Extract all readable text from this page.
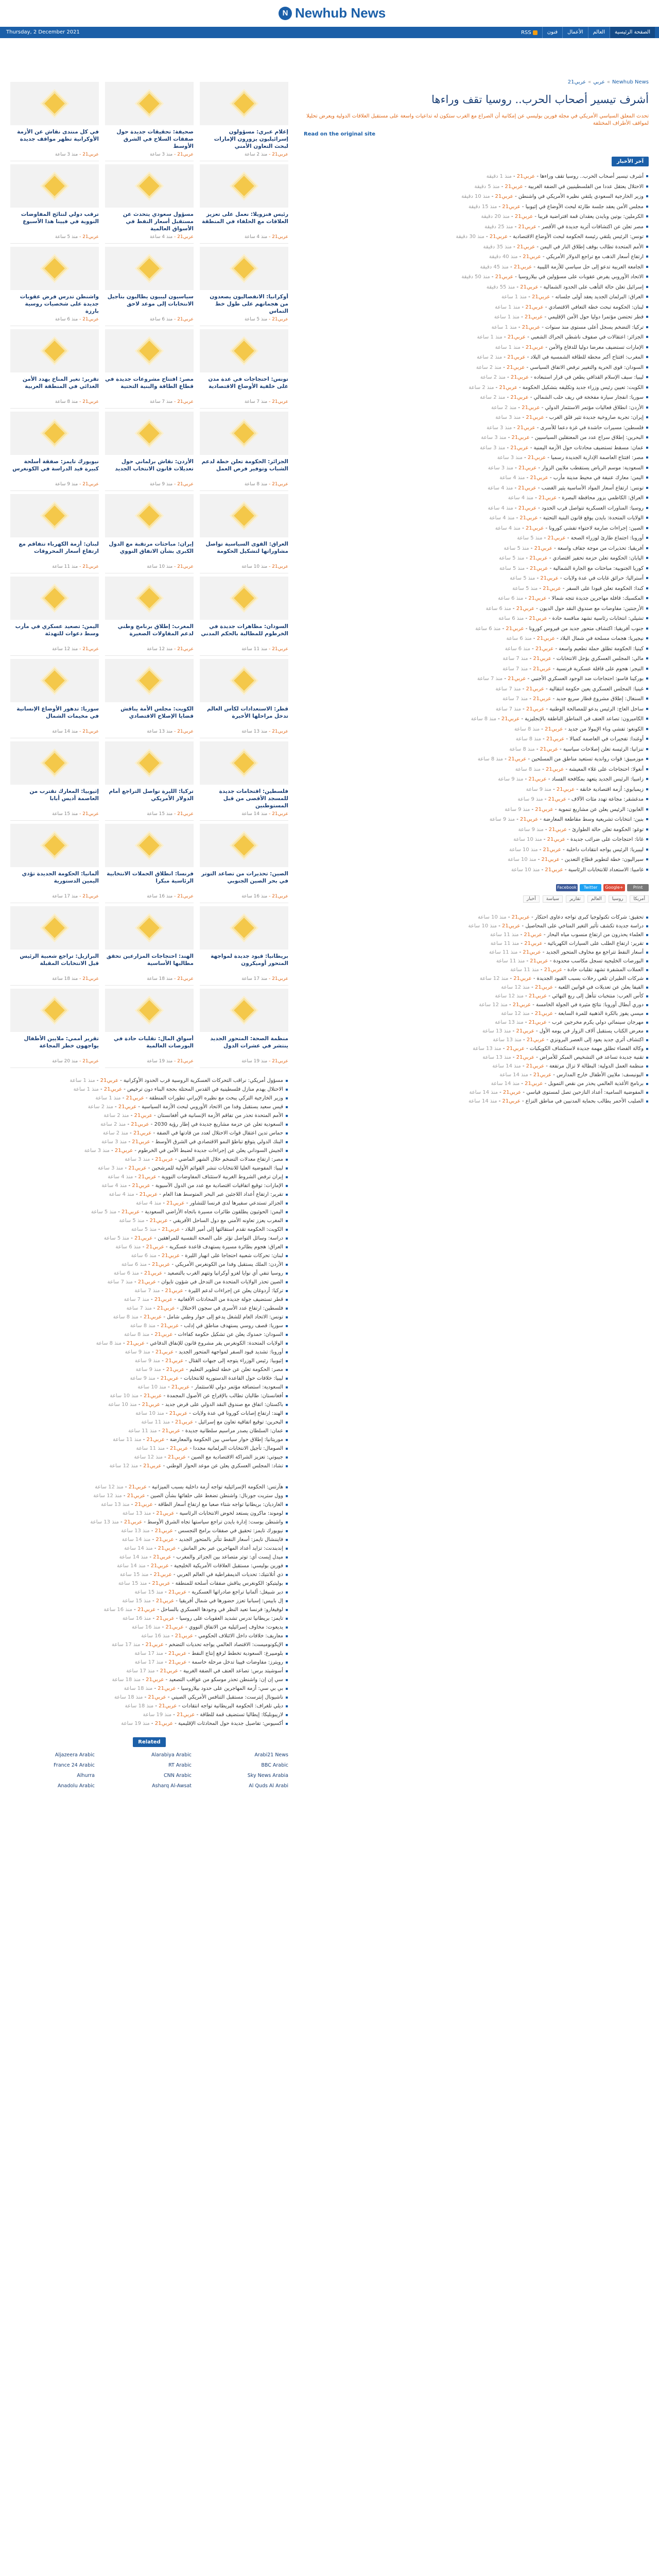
N Newhub News
Thursday, 2 December 2021	الصفحة الرئيسية
العالم
الأعمال
فنون
RSS
إعلام عبري: مسؤولون إسرائيليون يزورون الإمارات لبحث التعاون الأمني
عربي21 - منذ 2 ساعة
صحيفة: تحقيقات جديدة حول صفقات السلاح في الشرق الأوسط
عربي21 - منذ 3 ساعة
في كل منتدى نقاش عن الأزمة الأوكرانية تظهر مواقف جديدة
عربي21 - منذ 3 ساعة
رئيس فنزويلا: نعمل على تعزيز العلاقات مع الحلفاء في المنطقة
عربي21 - منذ 4 ساعة
مسؤول سعودي يتحدث عن مستقبل أسعار النفط في الأسواق العالمية
عربي21 - منذ 4 ساعة
ترقب دولي لنتائج المفاوضات النووية في فيينا هذا الأسبوع
عربي21 - منذ 5 ساعة
أوكرانيا: الانفصاليون يصعدون من هجماتهم على طول خط التماس
عربي21 - منذ 5 ساعة
سياسيون ليبيون يطالبون بتأجيل الانتخابات إلى موعد لاحق
عربي21 - منذ 6 ساعة
واشنطن تدرس فرض عقوبات جديدة على شخصيات روسية بارزة
عربي21 - منذ 6 ساعة
تونس: احتجاجات في عدة مدن على خلفية الأوضاع الاقتصادية
عربي21 - منذ 7 ساعة
مصر: افتتاح مشروعات جديدة في قطاع الطاقة والبنية التحتية
عربي21 - منذ 7 ساعة
تقرير: تغير المناخ يهدد الأمن الغذائي في المنطقة العربية
عربي21 - منذ 8 ساعة
الجزائر: الحكومة تعلن خطة لدعم الشباب وتوفير فرص العمل
عربي21 - منذ 8 ساعة
الأردن: نقاش برلماني حول تعديلات قانون الانتخاب الجديد
عربي21 - منذ 9 ساعة
نيويورك تايمز: صفقة أسلحة كبيرة قيد الدراسة في الكونغرس
عربي21 - منذ 9 ساعة
العراق: القوى السياسية تواصل مشاوراتها لتشكيل الحكومة
عربي21 - منذ 10 ساعة
إيران: مباحثات مرتقبة مع الدول الكبرى بشأن الاتفاق النووي
عربي21 - منذ 10 ساعة
لبنان: أزمة الكهرباء تتفاقم مع ارتفاع أسعار المحروقات
عربي21 - منذ 11 ساعة
السودان: مظاهرات جديدة في الخرطوم للمطالبة بالحكم المدني
عربي21 - منذ 11 ساعة
المغرب: إطلاق برنامج وطني لدعم المقاولات الصغيرة
عربي21 - منذ 12 ساعة
اليمن: تصعيد عسكري في مأرب وسط دعوات للتهدئة
عربي21 - منذ 12 ساعة
قطر: الاستعدادات لكأس العالم تدخل مراحلها الأخيرة
عربي21 - منذ 13 ساعة
الكويت: مجلس الأمة يناقش قضايا الإصلاح الاقتصادي
عربي21 - منذ 13 ساعة
سوريا: تدهور الأوضاع الإنسانية في مخيمات الشمال
عربي21 - منذ 14 ساعة
فلسطين: اقتحامات جديدة للمسجد الأقصى من قبل المستوطنين
عربي21 - منذ 14 ساعة
تركيا: الليرة تواصل التراجع أمام الدولار الأمريكي
عربي21 - منذ 15 ساعة
إثيوبيا: المعارك تقترب من العاصمة أديس أبابا
عربي21 - منذ 15 ساعة
الصين: تحذيرات من تصاعد التوتر في بحر الصين الجنوبي
عربي21 - منذ 16 ساعة
فرنسا: انطلاق الحملات الانتخابية الرئاسية مبكرا
عربي21 - منذ 16 ساعة
ألمانيا: الحكومة الجديدة تؤدي اليمين الدستورية
عربي21 - منذ 17 ساعة
بريطانيا: قيود جديدة لمواجهة المتحور أوميكرون
عربي21 - منذ 17 ساعة
الهند: احتجاجات المزارعين تحقق مطالبها الأساسية
عربي21 - منذ 18 ساعة
البرازيل: تراجع شعبية الرئيس قبل الانتخابات المقبلة
عربي21 - منذ 18 ساعة
منظمة الصحة: المتحور الجديد ينتشر في عشرات الدول
عربي21 - منذ 19 ساعة
أسواق المال: تقلبات حادة في البورصات العالمية
عربي21 - منذ 19 ساعة
تقرير أممي: ملايين الأطفال يواجهون خطر المجاعة
عربي21 - منذ 20 ساعة
مسؤول أمريكي: نراقب التحركات العسكرية الروسية قرب الحدود الأوكرانية - عربي21 - منذ 1 ساعة
الاحتلال يهدم منازل فلسطينية في القدس المحتلة بحجة البناء دون ترخيص - عربي21 - منذ 1 ساعة
وزير الخارجية التركي يبحث مع نظيره الإيراني تطورات المنطقة - عربي21 - منذ 1 ساعة
قيس سعيد يستقبل وفدا من الاتحاد الأوروبي لبحث الأزمة السياسية - عربي21 - منذ 2 ساعة
الأمم المتحدة تحذر من تفاقم الأزمة الإنسانية في أفغانستان - عربي21 - منذ 2 ساعة
السعودية تعلن عن حزمة مشاريع جديدة في إطار رؤية 2030 - عربي21 - منذ 2 ساعة
حماس تدين اعتقال قوات الاحتلال لعدد من قادتها في الضفة - عربي21 - منذ 2 ساعة
البنك الدولي يتوقع تباطؤ النمو الاقتصادي في الشرق الأوسط - عربي21 - منذ 3 ساعة
الجيش السوداني يعلن عن إجراءات جديدة لضبط الأمن في الخرطوم - عربي21 - منذ 3 ساعة
مصر: ارتفاع معدلات التضخم خلال الشهر الماضي - عربي21 - منذ 3 ساعة
ليبيا: المفوضية العليا للانتخابات تنشر القوائم الأولية للمرشحين - عربي21 - منذ 3 ساعة
إيران ترفض الشروط الغربية لاستئناف المفاوضات النووية - عربي21 - منذ 4 ساعة
الإمارات: توقيع اتفاقيات اقتصادية مع عدد من الدول الآسيوية - عربي21 - منذ 4 ساعة
تقرير: ارتفاع أعداد اللاجئين عبر البحر المتوسط هذا العام - عربي21 - منذ 4 ساعة
الجزائر تستدعي سفيرها لدى فرنسا للتشاور - عربي21 - منذ 4 ساعة
اليمن: الحوثيون يطلقون طائرات مسيرة باتجاه الأراضي السعودية - عربي21 - منذ 5 ساعة
المغرب يعزز تعاونه الأمني مع دول الساحل الأفريقي - عربي21 - منذ 5 ساعة
الكويت: الحكومة تقدم استقالتها إلى أمير البلاد - عربي21 - منذ 5 ساعة
دراسة: وسائل التواصل تؤثر على الصحة النفسية للمراهقين - عربي21 - منذ 5 ساعة
العراق: هجوم بطائرة مسيرة يستهدف قاعدة عسكرية - عربي21 - منذ 6 ساعة
لبنان: تحركات شعبية احتجاجا على انهيار الليرة - عربي21 - منذ 6 ساعة
الأردن: الملك يستقبل وفدا من الكونغرس الأمريكي - عربي21 - منذ 6 ساعة
روسيا تنفي أي نوايا لغزو أوكرانيا وتتهم الغرب بالتصعيد - عربي21 - منذ 6 ساعة
الصين تحذر الولايات المتحدة من التدخل في شؤون تايوان - عربي21 - منذ 7 ساعة
تركيا: أردوغان يعلن عن إجراءات لدعم الليرة - عربي21 - منذ 7 ساعة
قطر تستضيف جولة جديدة من المحادثات الأفغانية - عربي21 - منذ 7 ساعة
فلسطين: ارتفاع عدد الأسرى في سجون الاحتلال - عربي21 - منذ 7 ساعة
تونس: الاتحاد العام للشغل يدعو إلى حوار وطني شامل - عربي21 - منذ 8 ساعة
سوريا: قصف روسي يستهدف مناطق في إدلب - عربي21 - منذ 8 ساعة
السودان: حمدوك يعلن عن تشكيل حكومة كفاءات - عربي21 - منذ 8 ساعة
الولايات المتحدة: الكونغرس يقر مشروع قانون للإنفاق الدفاعي - عربي21 - منذ 8 ساعة
أوروبا: تشديد قيود السفر لمواجهة المتحور الجديد - عربي21 - منذ 9 ساعة
إثيوبيا: رئيس الوزراء يتوجه إلى جبهات القتال - عربي21 - منذ 9 ساعة
مصر: الحكومة تعلن عن خطة لتطوير التعليم - عربي21 - منذ 9 ساعة
ليبيا: خلافات حول القاعدة الدستورية للانتخابات - عربي21 - منذ 9 ساعة
السعودية: استضافة مؤتمر دولي للاستثمار - عربي21 - منذ 10 ساعة
أفغانستان: طالبان تطالب بالإفراج عن الأصول المجمدة - عربي21 - منذ 10 ساعة
باكستان: اتفاق مع صندوق النقد الدولي على قرض جديد - عربي21 - منذ 10 ساعة
الهند: ارتفاع إصابات كورونا في عدة ولايات - عربي21 - منذ 10 ساعة
البحرين: توقيع اتفاقية تعاون مع إسرائيل - عربي21 - منذ 11 ساعة
عمان: السلطان يصدر مراسيم سلطانية جديدة - عربي21 - منذ 11 ساعة
موريتانيا: إطلاق حوار سياسي بين الحكومة والمعارضة - عربي21 - منذ 11 ساعة
الصومال: تأجيل الانتخابات البرلمانية مجددا - عربي21 - منذ 11 ساعة
جيبوتي: تعزيز الشراكة الاقتصادية مع الصين - عربي21 - منذ 12 ساعة
تشاد: المجلس العسكري يعلن عن موعد الحوار الوطني - عربي21 - منذ 12 ساعة
هآرتس: الحكومة الإسرائيلية تواجه أزمة داخلية بسبب الميزانية - عربي21 - منذ 12 ساعة
وول ستريت جورنال: واشنطن تضغط على حلفائها بشأن الصين - عربي21 - منذ 12 ساعة
الغارديان: بريطانيا تواجه شتاء صعبا مع ارتفاع أسعار الطاقة - عربي21 - منذ 13 ساعة
لوموند: ماكرون يستعد لخوض الانتخابات الرئاسية - عربي21 - منذ 13 ساعة
واشنطن بوست: إدارة بايدن تراجع سياستها تجاه الشرق الأوسط - عربي21 - منذ 13 ساعة
نيويورك تايمز: تحقيق في صفقات برامج التجسس - عربي21 - منذ 13 ساعة
فايننشال تايمز: أسعار النفط تتأثر بالمتحور الجديد - عربي21 - منذ 14 ساعة
إندبندنت: تزايد أعداد المهاجرين عبر بحر المانش - عربي21 - منذ 14 ساعة
ميدل إيست آي: توتر متصاعد بين الجزائر والمغرب - عربي21 - منذ 14 ساعة
فورين بوليسي: مستقبل العلاقات الأمريكية الخليجية - عربي21 - منذ 14 ساعة
ذي أتلانتيك: تحديات الديمقراطية في العالم العربي - عربي21 - منذ 15 ساعة
بوليتيكو: الكونغرس يناقش صفقات أسلحة للمنطقة - عربي21 - منذ 15 ساعة
دير شبيغل: ألمانيا تراجع صادراتها العسكرية - عربي21 - منذ 15 ساعة
إل باييس: إسبانيا تعزز حضورها في شمال أفريقيا - عربي21 - منذ 15 ساعة
لوفيغارو: فرنسا تعيد النظر في وجودها العسكري بالساحل - عربي21 - منذ 16 ساعة
تايمز: بريطانيا تدرس تشديد العقوبات على روسيا - عربي21 - منذ 16 ساعة
يديعوت: مخاوف إسرائيلية من الاتفاق النووي - عربي21 - منذ 16 ساعة
معاريف: خلافات داخل الائتلاف الحكومي - عربي21 - منذ 16 ساعة
الإيكونوميست: الاقتصاد العالمي يواجه تحديات التضخم - عربي21 - منذ 17 ساعة
بلومبيرغ: السعودية تخطط لرفع إنتاج النفط - عربي21 - منذ 17 ساعة
رويترز: مفاوضات فيينا تدخل مرحلة حاسمة - عربي21 - منذ 17 ساعة
أسوشيتد برس: تصاعد العنف في الضفة الغربية - عربي21 - منذ 17 ساعة
سي إن إن: واشنطن تحذر موسكو من عواقب التصعيد - عربي21 - منذ 18 ساعة
بي بي سي: أزمة المهاجرين على حدود بيلاروسيا - عربي21 - منذ 18 ساعة
ناشيونال إنترست: مستقبل التنافس الأمريكي الصيني - عربي21 - منذ 18 ساعة
ديلي تلغراف: الحكومة البريطانية تواجه انتقادات - عربي21 - منذ 18 ساعة
لاريبوبليكا: إيطاليا تستضيف قمة للطاقة - عربي21 - منذ 19 ساعة
أكسيوس: تفاصيل جديدة حول المحادثات الإقليمية - عربي21 - منذ 19 ساعة
Related
Arabi21 News
Alarabiya Arabic
Aljazeera Arabic
BBC Arabic
RT Arabic
France 24 Arabic
Sky News Arabia
CNN Arabic
Alhurra
Al Quds Al Arabi
Asharq Al-Awsat
Anadolu Arabic
Newhub News»عربي»عربي21
أشرف تيسير أصحاب الحرب.. روسيا تقف وراءها

تحدث المعلق السياسي الأمريكي في مجلة فورين بوليسي عن إمكانية أن الصراع مع الغرب ستكون له تداعيات واسعة على مستقبل العلاقات الدولية ويعرض تحليلا لمواقف الأطراف المختلفة

Read on the original site
آخر الأخبار
أشرف تيسير أصحاب الحرب.. روسيا تقف وراءها - عربي21 - منذ 1 دقيقة
الاحتلال يعتقل عددا من الفلسطينيين في الضفة الغربية - عربي21 - منذ 5 دقيقة
وزير الخارجية السعودي يلتقي نظيره الأمريكي في واشنطن - عربي21 - منذ 10 دقيقة
مجلس الأمن يعقد جلسة طارئة لبحث الأوضاع في إثيوبيا - عربي21 - منذ 15 دقيقة
الكرملين: بوتين وبايدن يعقدان قمة افتراضية قريبا - عربي21 - منذ 20 دقيقة
مصر تعلن عن اكتشافات أثرية جديدة في الأقصر - عربي21 - منذ 25 دقيقة
تونس: الرئيس يلتقي رئيسة الحكومة لبحث الأوضاع الاقتصادية - عربي21 - منذ 30 دقيقة
الأمم المتحدة تطالب بوقف إطلاق النار في اليمن - عربي21 - منذ 35 دقيقة
ارتفاع أسعار الذهب مع تراجع الدولار الأمريكي - عربي21 - منذ 40 دقيقة
الجامعة العربية تدعو إلى حل سياسي للأزمة الليبية - عربي21 - منذ 45 دقيقة
الاتحاد الأوروبي يفرض عقوبات على مسؤولين في بيلاروسيا - عربي21 - منذ 50 دقيقة
إسرائيل تعلن حالة التأهب على الحدود الشمالية - عربي21 - منذ 55 دقيقة
العراق: البرلمان الجديد يعقد أولى جلساته - عربي21 - منذ 1 ساعة
لبنان: الحكومة تبحث خطة التعافي الاقتصادي - عربي21 - منذ 1 ساعة
قطر تحتضن مؤتمرا دوليا حول الأمن الإقليمي - عربي21 - منذ 1 ساعة
تركيا: التضخم يسجل أعلى مستوى منذ سنوات - عربي21 - منذ 1 ساعة
الجزائر: اعتقالات في صفوف ناشطي الحراك الشعبي - عربي21 - منذ 1 ساعة
الإمارات تستضيف معرضا دوليا للدفاع والأمن - عربي21 - منذ 1 ساعة
المغرب: افتتاح أكبر محطة للطاقة الشمسية في البلاد - عربي21 - منذ 2 ساعة
السودان: قوى الحرية والتغيير ترفض الاتفاق السياسي - عربي21 - منذ 2 ساعة
ليبيا: سيف الإسلام القذافي يطعن في قرار استبعاده - عربي21 - منذ 2 ساعة
الكويت: تعيين رئيس وزراء جديد وتكليفه بتشكيل الحكومة - عربي21 - منذ 2 ساعة
سوريا: انفجار سيارة مفخخة في ريف حلب الشمالي - عربي21 - منذ 2 ساعة
الأردن: انطلاق فعاليات مؤتمر الاستثمار الدولي - عربي21 - منذ 2 ساعة
إيران: تجربة صاروخية جديدة تثير قلق الغرب - عربي21 - منذ 3 ساعة
فلسطين: مسيرات حاشدة في غزة دعما للأسرى - عربي21 - منذ 3 ساعة
البحرين: إطلاق سراح عدد من المعتقلين السياسيين - عربي21 - منذ 3 ساعة
عمان: مسقط تستضيف محادثات حول الأزمة اليمنية - عربي21 - منذ 3 ساعة
مصر: افتتاح العاصمة الإدارية الجديدة رسميا - عربي21 - منذ 3 ساعة
السعودية: موسم الرياض يستقطب ملايين الزوار - عربي21 - منذ 3 ساعة
اليمن: معارك عنيفة في محيط مدينة مأرب - عربي21 - منذ 4 ساعة
تونس: ارتفاع أسعار المواد الأساسية يثير الغضب - عربي21 - منذ 4 ساعة
العراق: الكاظمي يزور محافظة البصرة - عربي21 - منذ 4 ساعة
روسيا: المناورات العسكرية تتواصل قرب الحدود - عربي21 - منذ 4 ساعة
الولايات المتحدة: بايدن يوقع قانون البنية التحتية - عربي21 - منذ 4 ساعة
الصين: إجراءات صارمة لاحتواء تفشي كورونا - عربي21 - منذ 4 ساعة
أوروبا: اجتماع طارئ لوزراء الصحة - عربي21 - منذ 5 ساعة
أفريقيا: تحذيرات من موجة جفاف واسعة - عربي21 - منذ 5 ساعة
اليابان: الحكومة تعلن حزمة تحفيز اقتصادي - عربي21 - منذ 5 ساعة
كوريا الجنوبية: مباحثات مع الجارة الشمالية - عربي21 - منذ 5 ساعة
أستراليا: حرائق غابات في عدة ولايات - عربي21 - منذ 5 ساعة
كندا: الحكومة تعلن قيودا على السفر - عربي21 - منذ 5 ساعة
المكسيك: قافلة مهاجرين جديدة تتجه شمالا - عربي21 - منذ 6 ساعة
الأرجنتين: مفاوضات مع صندوق النقد حول الديون - عربي21 - منذ 6 ساعة
تشيلي: انتخابات رئاسية تشهد منافسة حادة - عربي21 - منذ 6 ساعة
جنوب أفريقيا: اكتشاف متحور جديد من فيروس كورونا - عربي21 - منذ 6 ساعة
نيجيريا: هجمات مسلحة في شمال البلاد - عربي21 - منذ 6 ساعة
كينيا: الحكومة تطلق حملة تطعيم واسعة - عربي21 - منذ 6 ساعة
مالي: المجلس العسكري يؤجل الانتخابات - عربي21 - منذ 7 ساعة
النيجر: هجوم على قافلة عسكرية فرنسية - عربي21 - منذ 7 ساعة
بوركينا فاسو: احتجاجات ضد الوجود العسكري الأجنبي - عربي21 - منذ 7 ساعة
غينيا: المجلس العسكري يعين حكومة انتقالية - عربي21 - منذ 7 ساعة
السنغال: إطلاق مشروع قطار سريع جديد - عربي21 - منذ 7 ساعة
ساحل العاج: الرئيس يدعو للمصالحة الوطنية - عربي21 - منذ 7 ساعة
الكاميرون: تصاعد العنف في المناطق الناطقة بالإنجليزية - عربي21 - منذ 8 ساعة
الكونغو: تفشي وباء الإيبولا من جديد - عربي21 - منذ 8 ساعة
أوغندا: تفجيرات في العاصمة كمبالا - عربي21 - منذ 8 ساعة
تنزانيا: الرئيسة تعلن إصلاحات سياسية - عربي21 - منذ 8 ساعة
موزمبيق: قوات رواندية تستعيد مناطق من المسلحين - عربي21 - منذ 8 ساعة
أنغولا: احتجاجات على غلاء المعيشة - عربي21 - منذ 8 ساعة
زامبيا: الرئيس الجديد يتعهد بمكافحة الفساد - عربي21 - منذ 9 ساعة
زيمبابوي: أزمة اقتصادية خانقة - عربي21 - منذ 9 ساعة
مدغشقر: مجاعة تهدد مئات الآلاف - عربي21 - منذ 9 ساعة
الغابون: الرئيس يعلن عن مشاريع تنموية - عربي21 - منذ 9 ساعة
بنين: انتخابات تشريعية وسط مقاطعة المعارضة - عربي21 - منذ 9 ساعة
توغو: الحكومة تعلن حالة الطوارئ - عربي21 - منذ 9 ساعة
غانا: احتجاجات على ضرائب جديدة - عربي21 - منذ 10 ساعة
ليبيريا: الرئيس يواجه انتقادات داخلية - عربي21 - منذ 10 ساعة
سيراليون: خطة لتطوير قطاع التعدين - عربي21 - منذ 10 ساعة
غامبيا: الاستعداد للانتخابات الرئاسية - عربي21 - منذ 10 ساعة
Facebook	Twitter	Google+	Print
أخبار	سياسة	تقارير	العالم	روسيا	أمريكا
تحقيق: شركات تكنولوجيا كبرى تواجه دعاوى احتكار - عربي21 - منذ 10 ساعة
دراسة جديدة تكشف تأثير التغير المناخي على المحاصيل - عربي21 - منذ 10 ساعة
العلماء يحذرون من ارتفاع منسوب مياه البحار - عربي21 - منذ 11 ساعة
تقرير: ارتفاع الطلب على السيارات الكهربائية - عربي21 - منذ 11 ساعة
أسعار النفط تتراجع مع مخاوف المتحور الجديد - عربي21 - منذ 11 ساعة
البورصات الخليجية تسجل مكاسب محدودة - عربي21 - منذ 11 ساعة
العملات المشفرة تشهد تقلبات حادة - عربي21 - منذ 11 ساعة
شركات الطيران تلغي رحلات بسبب القيود الجديدة - عربي21 - منذ 12 ساعة
الفيفا يعلن عن تعديلات في قوانين اللعبة - عربي21 - منذ 12 ساعة
كأس العرب: منتخبات تتأهل إلى ربع النهائي - عربي21 - منذ 12 ساعة
دوري أبطال أوروبا: نتائج مثيرة في الجولة الخامسة - عربي21 - منذ 12 ساعة
ميسي يفوز بالكرة الذهبية للمرة السابعة - عربي21 - منذ 12 ساعة
مهرجان سينمائي دولي يكرم مخرجين عرب - عربي21 - منذ 13 ساعة
معرض الكتاب يستقبل آلاف الزوار في يومه الأول - عربي21 - منذ 13 ساعة
اكتشاف أثري جديد يعود إلى العصر البرونزي - عربي21 - منذ 13 ساعة
وكالة الفضاء تطلق مهمة جديدة لاستكشاف الكويكبات - عربي21 - منذ 13 ساعة
تقنية جديدة تساعد في التشخيص المبكر للأمراض - عربي21 - منذ 13 ساعة
منظمة العمل الدولية: البطالة لا تزال مرتفعة - عربي21 - منذ 14 ساعة
اليونيسف: ملايين الأطفال خارج المدارس - عربي21 - منذ 14 ساعة
برنامج الأغذية العالمي يحذر من نقص التمويل - عربي21 - منذ 14 ساعة
المفوضية السامية: أعداد النازحين تصل لمستوى قياسي - عربي21 - منذ 14 ساعة
الصليب الأحمر يطالب بحماية المدنيين في مناطق النزاع - عربي21 - منذ 14 ساعة
